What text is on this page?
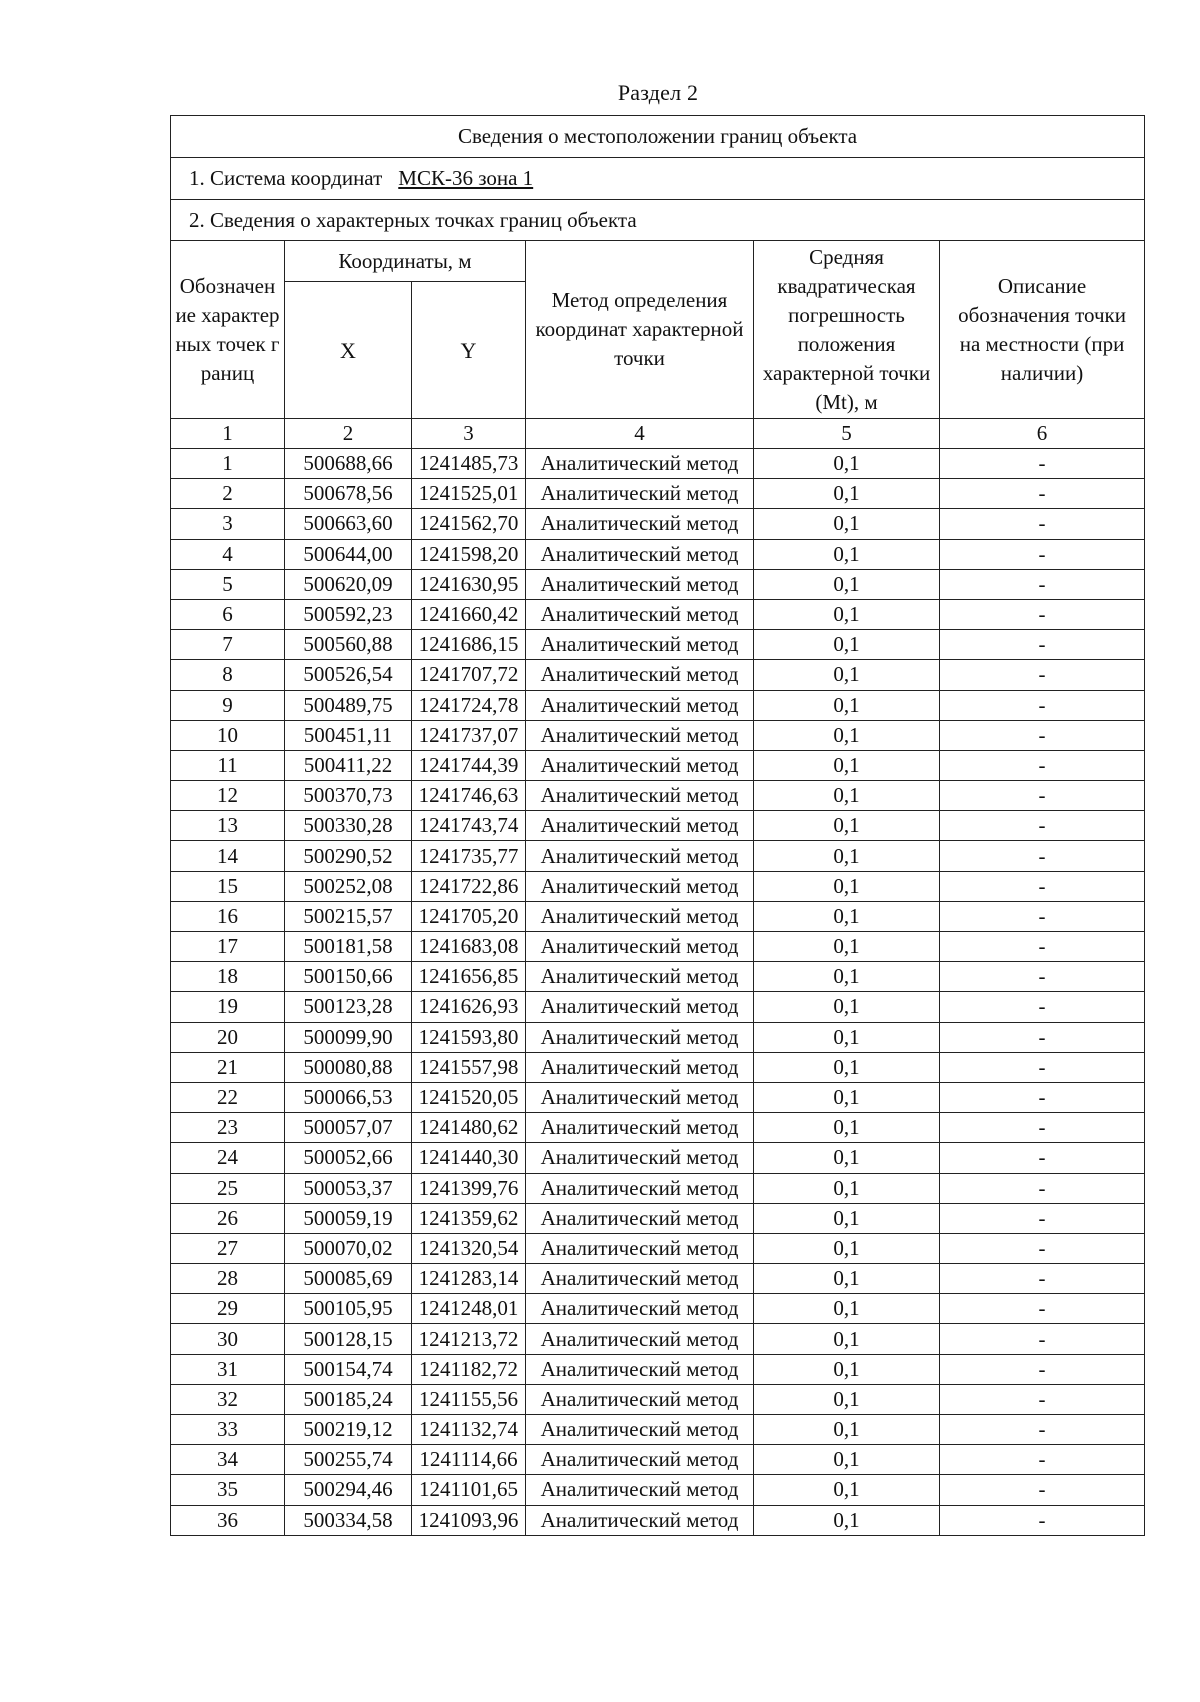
Раздел 2
Сведения о местоположении границ объекта					
1. Система координат МСК-36 зона 1					
2. Сведения о характерных точках границ объекта					
Обозначение характерных точек границ	Координаты, м		Метод определения координат характерной точки	Средняя квадратическая погрешность положения характерной точки (Mt), м	Описание обозначения точки на местности (при наличии)
	X	Y			
1	2	3	4	5	6
1	500688,66	1241485,73	Аналитический метод	0,1	-
2	500678,56	1241525,01	Аналитический метод	0,1	-
3	500663,60	1241562,70	Аналитический метод	0,1	-
4	500644,00	1241598,20	Аналитический метод	0,1	-
5	500620,09	1241630,95	Аналитический метод	0,1	-
6	500592,23	1241660,42	Аналитический метод	0,1	-
7	500560,88	1241686,15	Аналитический метод	0,1	-
8	500526,54	1241707,72	Аналитический метод	0,1	-
9	500489,75	1241724,78	Аналитический метод	0,1	-
10	500451,11	1241737,07	Аналитический метод	0,1	-
11	500411,22	1241744,39	Аналитический метод	0,1	-
12	500370,73	1241746,63	Аналитический метод	0,1	-
13	500330,28	1241743,74	Аналитический метод	0,1	-
14	500290,52	1241735,77	Аналитический метод	0,1	-
15	500252,08	1241722,86	Аналитический метод	0,1	-
16	500215,57	1241705,20	Аналитический метод	0,1	-
17	500181,58	1241683,08	Аналитический метод	0,1	-
18	500150,66	1241656,85	Аналитический метод	0,1	-
19	500123,28	1241626,93	Аналитический метод	0,1	-
20	500099,90	1241593,80	Аналитический метод	0,1	-
21	500080,88	1241557,98	Аналитический метод	0,1	-
22	500066,53	1241520,05	Аналитический метод	0,1	-
23	500057,07	1241480,62	Аналитический метод	0,1	-
24	500052,66	1241440,30	Аналитический метод	0,1	-
25	500053,37	1241399,76	Аналитический метод	0,1	-
26	500059,19	1241359,62	Аналитический метод	0,1	-
27	500070,02	1241320,54	Аналитический метод	0,1	-
28	500085,69	1241283,14	Аналитический метод	0,1	-
29	500105,95	1241248,01	Аналитический метод	0,1	-
30	500128,15	1241213,72	Аналитический метод	0,1	-
31	500154,74	1241182,72	Аналитический метод	0,1	-
32	500185,24	1241155,56	Аналитический метод	0,1	-
33	500219,12	1241132,74	Аналитический метод	0,1	-
34	500255,74	1241114,66	Аналитический метод	0,1	-
35	500294,46	1241101,65	Аналитический метод	0,1	-
36	500334,58	1241093,96	Аналитический метод	0,1	-
